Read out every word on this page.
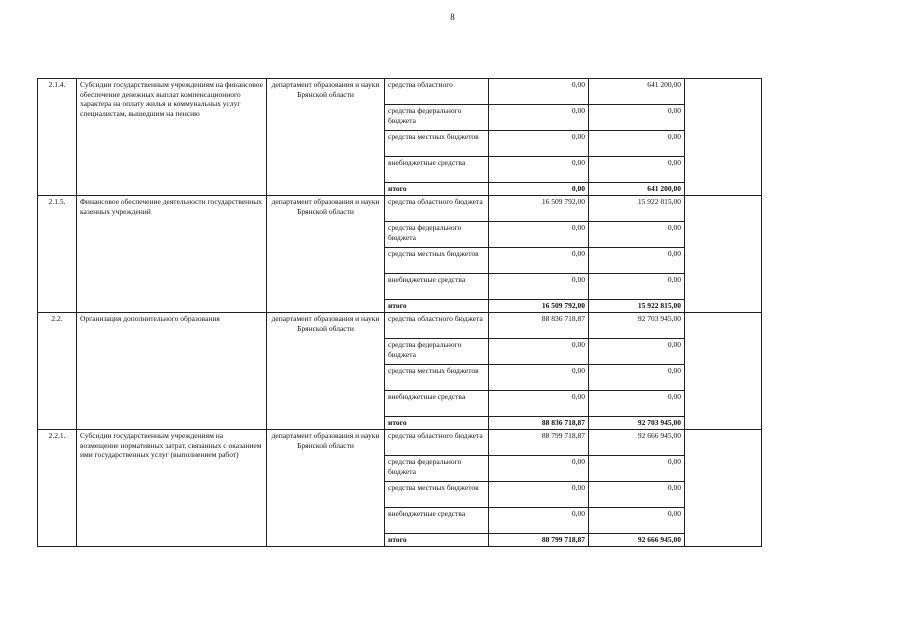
8
2.1.4.	Субсидии государственным учреждениям на финансовое обеспечение денежных выплат компенсационного характера на оплату жилья и коммунальных услуг специалистам, вышедшим на пенсию	департамент образования и науки Брянской области	средства областного	0,00	641 200,00	
			средства федерального бюджета	0,00	0,00	
			средства местных бюджетов	0,00	0,00	
			внебюджетные средства	0,00	0,00	
			итого	0,00	641 200,00	
2.1.5.	Финансовое обеспечение деятельности государственных казенных учреждений	департамент образования и науки Брянской области	средства областного бюджета	16 509 792,00	15 922 815,00	
			средства федерального бюджета	0,00	0,00	
			средства местных бюджетов	0,00	0,00	
			внебюджетные средства	0,00	0,00	
			итого	16 509 792,00	15 922 815,00	
2.2.	Организация дополнительного образования	департамент образования и науки Брянской области	средства областного бюджета	88 836 718,87	92 703 945,00	
			средства федерального бюджета	0,00	0,00	
			средства местных бюджетов	0,00	0,00	
			внебюджетные средства	0,00	0,00	
			итого	88 836 718,87	92 703 945,00	
2.2.1.	Субсидии государственным учреждениям на возмещение нормативных затрат, связанных с оказанием ими государственных услуг (выполнением работ)	департамент образования и науки Брянской области	средства областного бюджета	88 799 718,87	92 666 945,00	
			средства федерального бюджета	0,00	0,00	
			средства местных бюджетов	0,00	0,00	
			внебюджетные средства	0,00	0,00	
			итого	88 799 718,87	92 666 945,00	
